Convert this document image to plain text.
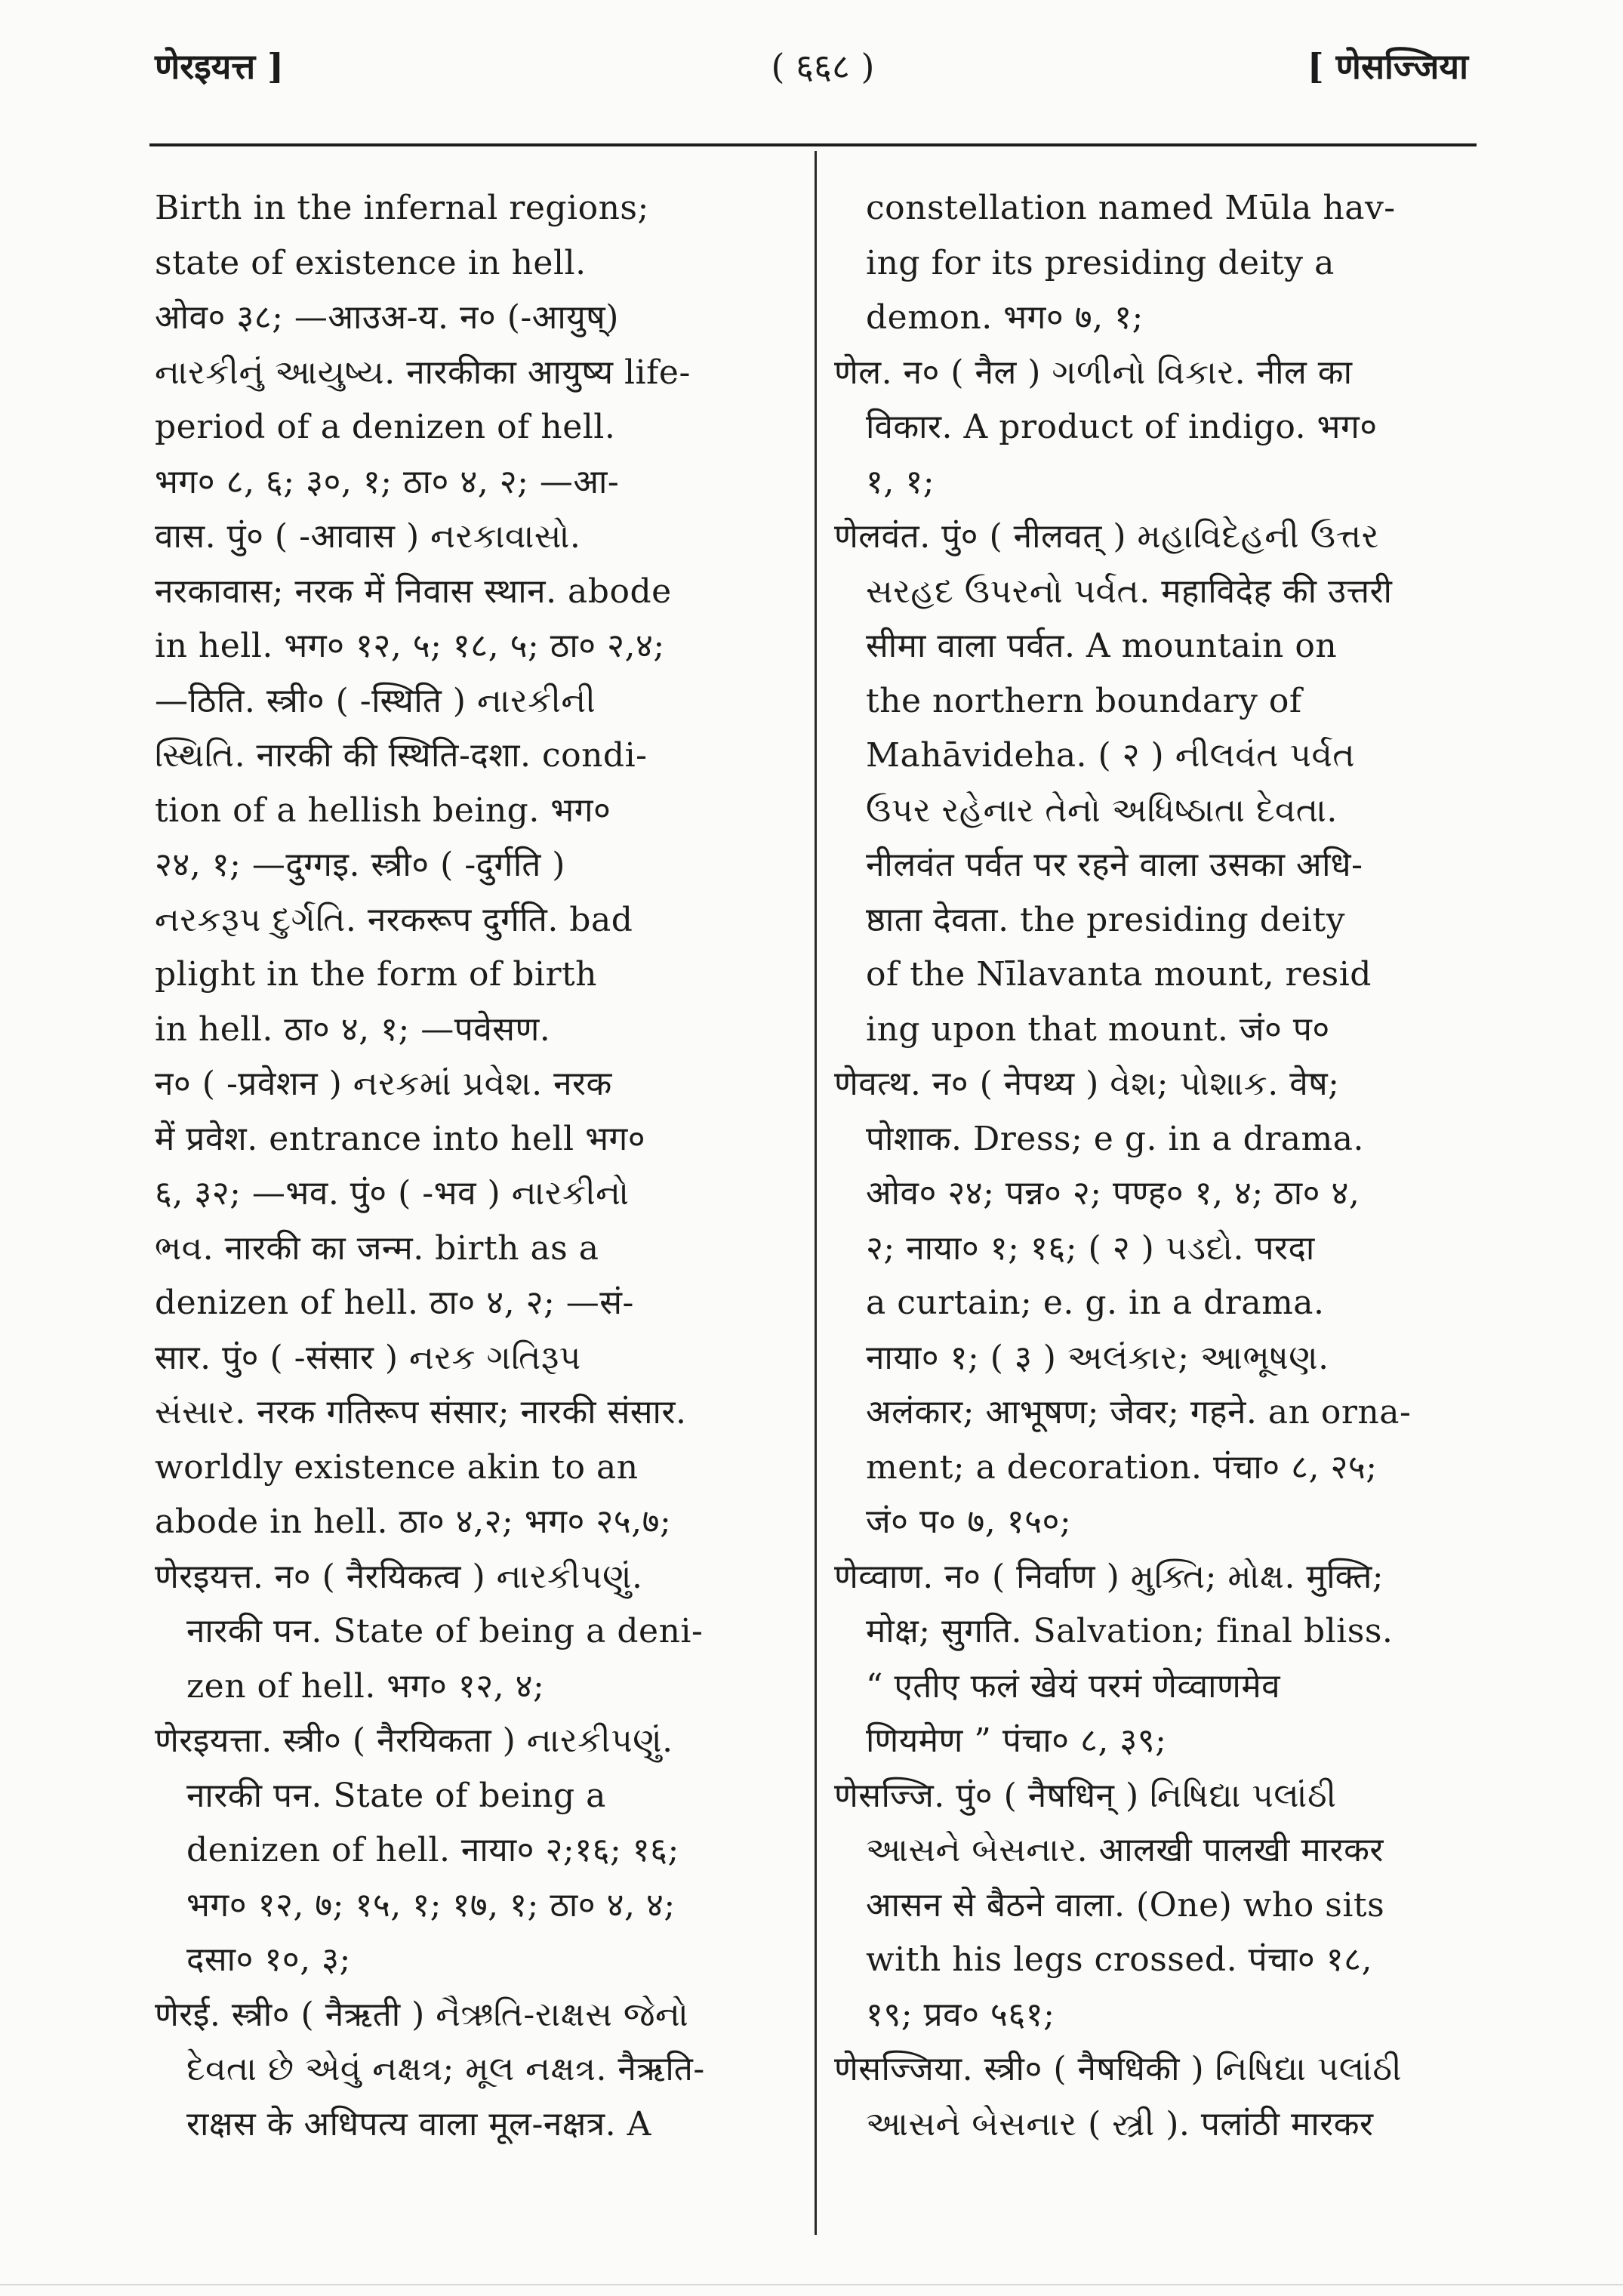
णेरइयत्त ]	( ६६८ )	[ णेसज्जिया
Birth in the infernal regions;
state of existence in hell.
ओव० ३८; —आउअ-य. न० (-आयुष्)
નારકીનું આયુષ્ય. नारकीका आयुष्य life-
period of a denizen of hell.
भग० ८, ६; ३०, १; ठा० ४, २; —आ-
वास. पुं० ( -आवास ) નરકાવાસો.
नरकावास; नरक में निवास स्थान. abode
in hell. भग० १२, ५; १८, ५; ठा० २,४;
—ठिति. स्त्री० ( -स्थिति ) નારકીની
સ્થિતિ. नारकी की स्थिति-दशा. condi-
tion of a hellish being. भग०
२४, १; —दुग्गइ. स्त्री० ( -दुर्गति )
નરકરૂપ દુર્ગતિ. नरकरूप दुर्गति. bad
plight in the form of birth
in hell. ठा० ४, १; —पवेसण.
न० ( -प्रवेशन ) નરકમાં પ્રવેશ. नरक
में प्रवेश. entrance into hell भग०
६, ३२; —भव. पुं० ( -भव ) નારકીનો
ભવ. नारकी का जन्म. birth as a
denizen of hell. ठा० ४, २; —सं-
सार. पुं० ( -संसार ) નરક ગતિરૂપ
સંસાર. नरक गतिरूप संसार; नारकी संसार.
worldly existence akin to an
abode in hell. ठा० ४,२; भग० २५,७;
णेरइयत्त. न० ( नैरयिकत्व ) નારકીપણું.
नारकी पन. State of being a deni-
zen of hell. भग० १२, ४;
णेरइयत्ता. स्त्री० ( नैरयिकता ) નારકીપણું.
नारकी पन. State of being a
denizen of hell. नाया० २;१६; १६;
भग० १२, ७; १५, १; १७, १; ठा० ४, ४;
दसा० १०, ३;
णेरई. स्त्री० ( नैऋती ) નૈઋતિ-રાક્ષસ જેનો
દેવતા છે એવું નક્ષત્ર; મૂલ નક્ષત્ર. नैऋति-
राक्षस के अधिपत्य वाला मूल-नक्षत्र. A
constellation named Mūla hav-
ing for its presiding deity a
demon. भग० ७, १;
णेल. न० ( नैल ) ગળીનો વિકાર. नील का
विकार. A product of indigo. भग०
१, १;
णेलवंत. पुं० ( नीलवत् ) મહાવિદેહની ઉત્તર
સરહદ ઉપરનો પર્વત. महाविदेह की उत्तरी
सीमा वाला पर्वत. A mountain on
the northern boundary of
Mahāvideha. ( २ ) નીલવંત પર્વત
ઉપર રહેનાર તેનો અધિષ્ઠાતા દેવતા.
नीलवंत पर्वत पर रहने वाला उसका अधि-
ष्ठाता देवता. the presiding deity
of the Nīlavanta mount, resid
ing upon that mount. जं० प०
णेवत्थ. न० ( नेपथ्य ) વેશ; પોશાક. वेष;
पोशाक. Dress; e g. in a drama.
ओव० २४; पन्न० २; पण्ह० १, ४; ठा० ४,
२; नाया० १; १६; ( २ ) પડદો. परदा
a curtain; e. g. in a drama.
नाया० १; ( ३ ) અલંકાર; આભૂષણ.
अलंकार; आभूषण; जेवर; गहने. an orna-
ment; a decoration. पंचा० ८, २५;
जं० प० ७, १५०;
णेव्वाण. न० ( निर्वाण ) મુક્તિ; મોક્ષ. मुक्ति;
मोक्ष; सुगति. Salvation; final bliss.
“ एतीए फलं खेयं परमं णेव्वाणमेव
णियमेण ” पंचा० ८, ३९;
णेसज्जि. पुं० ( नैषधिन् ) નિષિદ્યા પલાંઠી
આસને બેસનાર. आलखी पालखी मारकर
आसन से बैठने वाला. (One) who sits
with his legs crossed. पंचा० १८,
१९; प्रव० ५६१;
णेसज्जिया. स्त्री० ( नैषधिकी ) નિષિદ્યા પલાંઠી
આસને બેસનાર ( સ્ત્રી ). पलांठी मारकर
